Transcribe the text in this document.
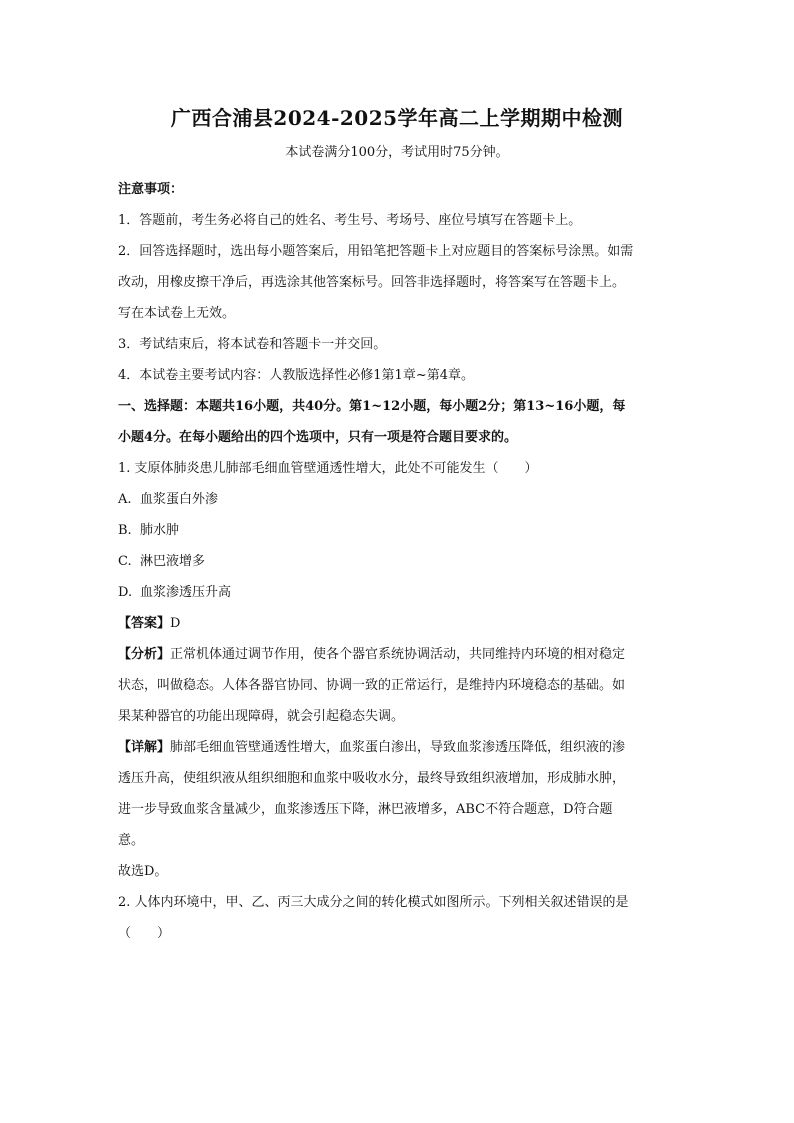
广西合浦县2024-2025学年高二上学期期中检测
本试卷满分100分，考试用时75分钟。

注意事项：

1．答题前，考生务必将自己的姓名、考生号、考场号、座位号填写在答题卡上。

2．回答选择题时，选出每小题答案后，用铅笔把答题卡上对应题目的答案标号涂黑。如需

改动，用橡皮擦干净后，再选涂其他答案标号。回答非选择题时，将答案写在答题卡上。

写在本试卷上无效。

3．考试结束后，将本试卷和答题卡一并交回。

4．本试卷主要考试内容：人教版选择性必修1第1章~第4章。

一、选择题：本题共16小题，共40分。第1~12小题，每小题2分；第13~16小题，每

小题4分。在每小题给出的四个选项中，只有一项是符合题目要求的。

1. 支原体肺炎患儿肺部毛细血管壁通透性增大，此处不可能发生（　　）

A. 血浆蛋白外渗

B. 肺水肿

C. 淋巴液增多

D. 血浆渗透压升高

【答案】D

【分析】正常机体通过调节作用，使各个器官系统协调活动，共同维持内环境的相对稳定

状态，叫做稳态。人体各器官协同、协调一致的正常运行，是维持内环境稳态的基础。如

果某种器官的功能出现障碍，就会引起稳态失调。

【详解】肺部毛细血管壁通透性增大，血浆蛋白渗出，导致血浆渗透压降低，组织液的渗

透压升高，使组织液从组织细胞和血浆中吸收水分，最终导致组织液增加，形成肺水肿，

进一步导致血浆含量减少，血浆渗透压下降，淋巴液增多，ABC不符合题意，D符合题

意。

故选D。

2. 人体内环境中，甲、乙、丙三大成分之间的转化模式如图所示。下列相关叙述错误的是

（　　）
